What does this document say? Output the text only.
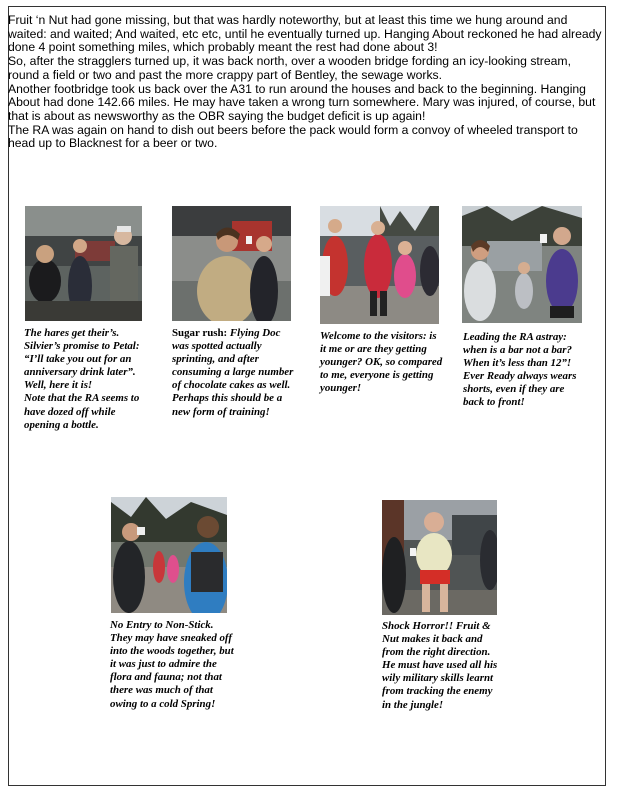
Fruit ‘n Nut had gone missing, but that was hardly noteworthy, but at least this time we hung around and waited: and waited; And waited, etc etc, until he eventually turned up. Hanging About reckoned he had already done 4 point something miles, which probably meant the rest had done about 3!

So, after the stragglers turned up, it was back north, over a wooden bridge fording an icy-looking stream, round a field or two and past the more crappy part of Bentley, the sewage works.

Another footbridge took us back over the A31 to run around the houses and back to the beginning. Hanging About had done 142.66 miles. He may have taken a wrong turn somewhere. Mary was injured, of course, but that is about as newsworthy as the OBR saying the budget deficit is up again!

The RA was again on hand to dish out beers before the pack would form a convoy of wheeled transport to head up to Blacknest for a beer or two.

The hares get their’s. Silvier’s promise to Petal: “I’ll take you out for an anniversary drink later”. Well, here it is!

Note that the RA seems to have dozed off while opening a bottle.

Sugar rush: Flying Doc was spotted actually sprinting, and after consuming a large number of chocolate cakes as well. Perhaps this should be a new form of training!

Welcome to the visitors: is it me or are they getting younger? OK, so compared to me, everyone is getting younger!

Leading the RA astray: when is a bar not a bar? When it’s less than 12”! Ever Ready always wears shorts, even if they are back to front!

No Entry to Non-Stick. They may have sneaked off into the woods together, but it was just to admire the flora and fauna; not that there was much of that owing to a cold Spring!

Shock Horror!! Fruit & Nut makes it back and from the right direction. He must have used all his wily military skills learnt from tracking the enemy in the jungle!
